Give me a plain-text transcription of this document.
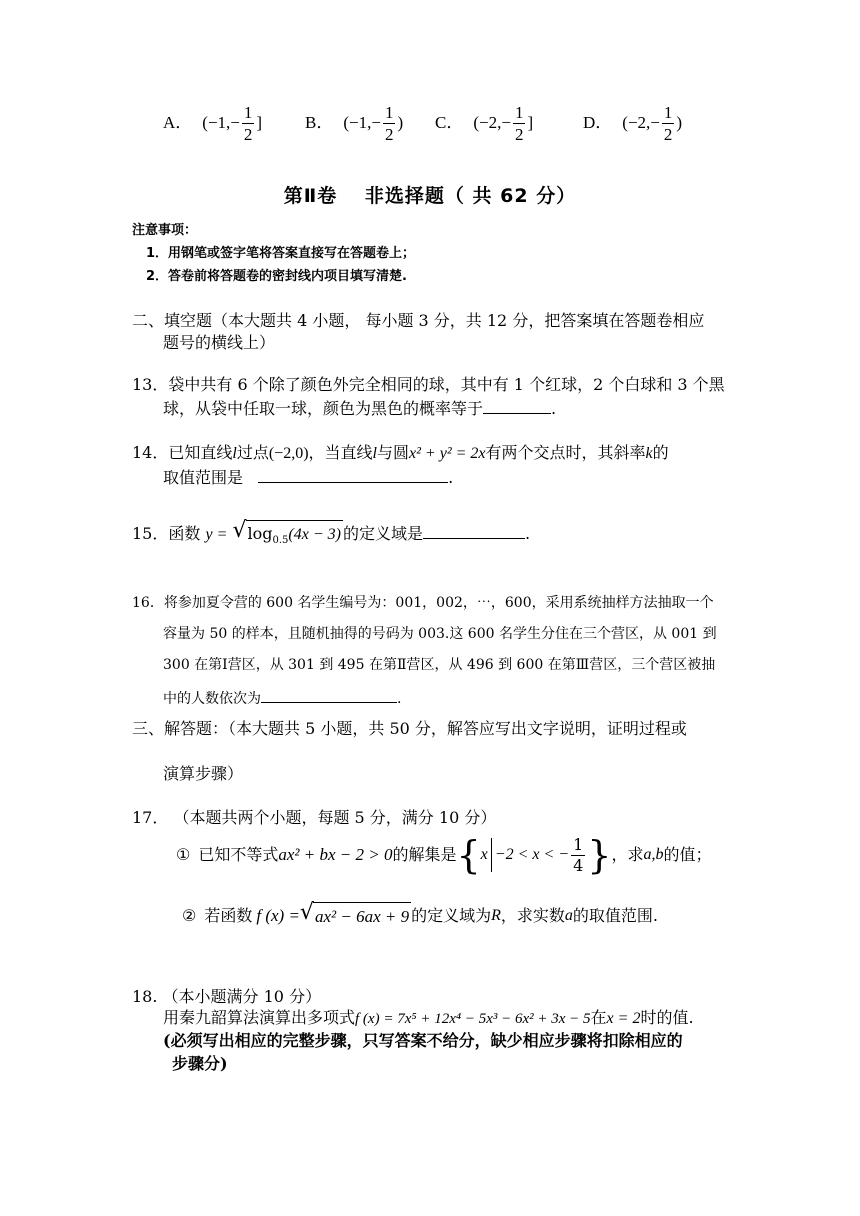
A． ($-1,- \frac{1}{2}$ ]	B． ($-1,- \frac{1}{2}$ ) C． ($-2,- \frac{1}{2}$ ]	D． ($-2,- \frac{1}{2}$ )
第Ⅱ卷　 非选择题（ 共 62 分）
注意事项：
1．用钢笔或签字笔将答案直接写在答题卷上；
2．答卷前将答题卷的密封线内项目填写清楚.
二、填空题（本大题共 4 小题， 每小题 3 分，共 12 分，把答案填在答题卷相应
题号的横线上）
13．袋中共有 6 个除了颜色外完全相同的球，其中有 1 个红球，2 个白球和 3 个黑
球，从袋中任取一球，颜色为黑色的概率等于	.
14．已知直线l过点(−2,0)，当直线l与圆x² + y² = 2x有两个交点时，其斜率k的
取值范围是	.
15．函数 y = √ $\log_{0.5}(4x - 3)$ 的定义域是	.
16．将参加夏令营的 600 名学生编号为：001，002，⋯，600，采用系统抽样方法抽取一个
容量为 50 的样本，且随机抽得的号码为 003.这 600 名学生分住在三个营区，从 001 到
300 在第Ⅰ营区，从 301 到 495 在第Ⅱ营区，从 496 到 600 在第Ⅲ营区，三个营区被抽
中的人数依次为	.
三、解答题：（本大题共 5 小题，共 50 分，解答应写出文字说明，证明过程或
演算步骤）
17． （本题共两个小题，每题 5 分，满分 10 分）
① 已知不等式 ax² + bx − 2 > 0 的解集是 { x −2 < x < − $\frac{1}{4}$ } ，求 a,b 的值；
② 若函数 f (x) = √ ax² − 6ax + 9 的定义域为 R ，求实数 a 的取值范围.
18. （本小题满分 10 分）
用秦九韶算法演算出多项式f (x) = 7x⁵ + 12x⁴ − 5x³ − 6x² + 3x − 5在x = 2时的值.
(必须写出相应的完整步骤，只写答案不给分，缺少相应步骤将扣除相应的
步骤分)
